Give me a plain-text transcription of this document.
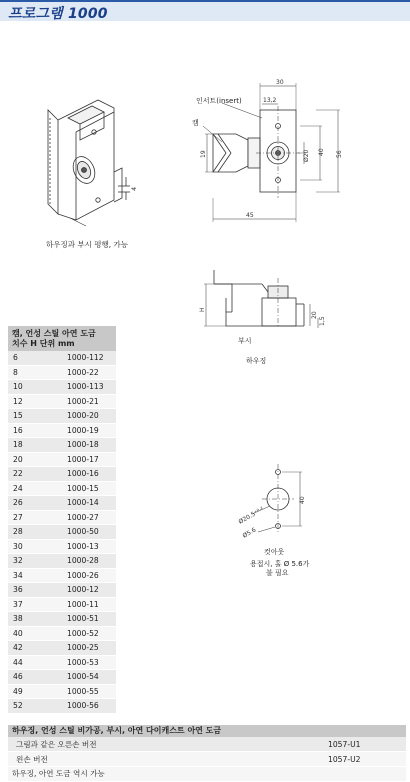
프로그램 1000
4
하우징과 부시 평행, 가능
30
13,2
56
40
Ø20
19
45
인서트(insert)
캠
H
20
1,5
부시
하우징
40
Ø20.5⁺⁰·²
Ø5.6
컷아웃
용접시, 홀 Ø 5.6가
불 필요
캠, 언성 스틸 아연 도금
치수 H 단위 mm
6	1000-112
8	1000-22
10	1000-113
12	1000-21
15	1000-20
16	1000-19
18	1000-18
20	1000-17
22	1000-16
24	1000-15
26	1000-14
27	1000-27
28	1000-50
30	1000-13
32	1000-28
34	1000-26
36	1000-12
37	1000-11
38	1000-51
40	1000-52
42	1000-25
44	1000-53
46	1000-54
49	1000-55
52	1000-56
하우징, 언성 스틸 비가공, 부시, 아연 다이캐스트 아연 도금
그림과 같은 오른손 버전	1057-U1
왼손 버전	1057-U2
하우징, 아연 도금 역시 가능
